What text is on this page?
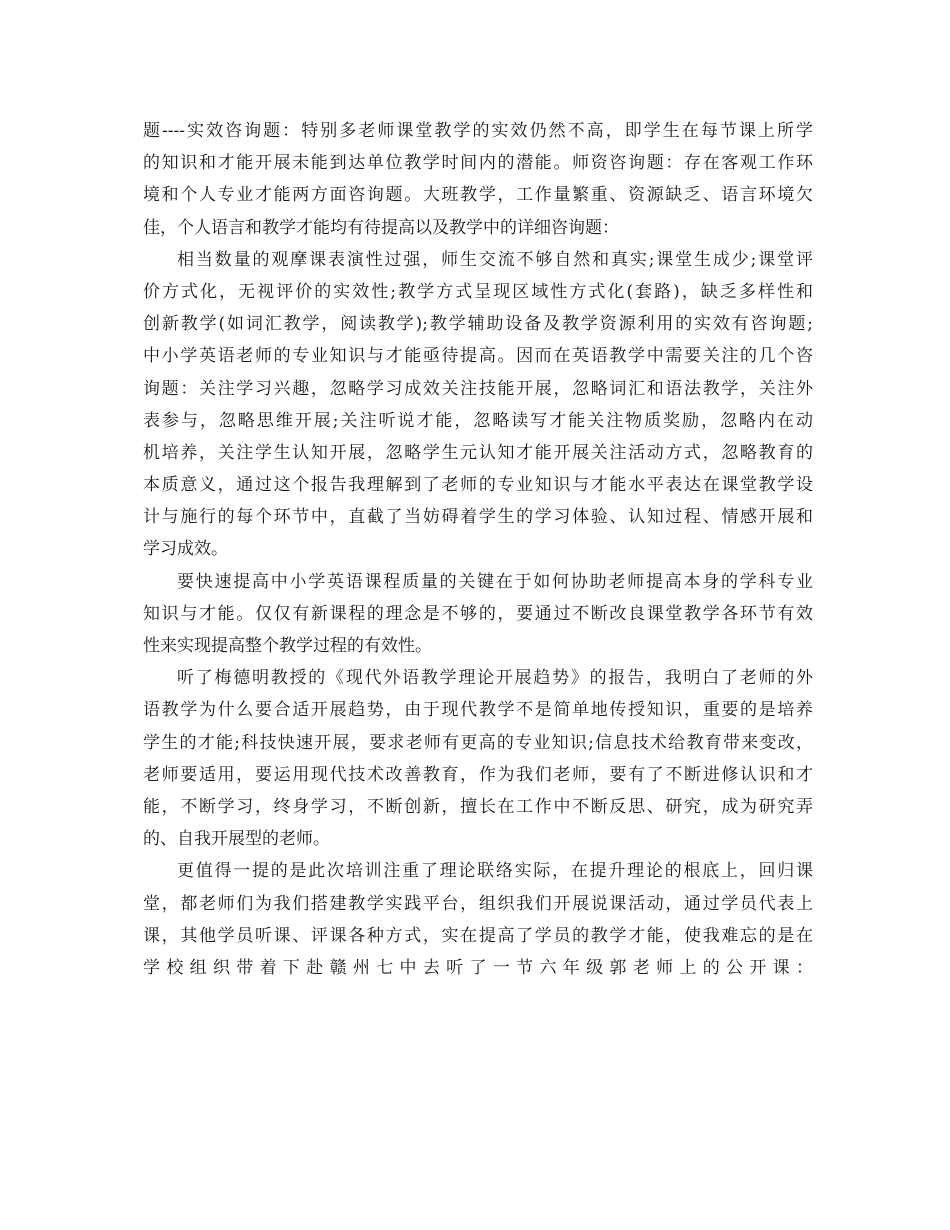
题----实效咨询题：特别多老师课堂教学的实效仍然不高，即学生在每节课上所学
的知识和才能开展未能到达单位教学时间内的潜能。师资咨询题：存在客观工作环
境和个人专业才能两方面咨询题。大班教学，工作量繁重、资源缺乏、语言环境欠
佳，个人语言和教学才能均有待提高以及教学中的详细咨询题：
相当数量的观摩课表演性过强，师生交流不够自然和真实;课堂生成少;课堂评
价方式化，无视评价的实效性;教学方式呈现区域性方式化(套路)，缺乏多样性和
创新教学(如词汇教学，阅读教学);教学辅助设备及教学资源利用的实效有咨询题;
中小学英语老师的专业知识与才能亟待提高。因而在英语教学中需要关注的几个咨
询题：关注学习兴趣，忽略学习成效关注技能开展，忽略词汇和语法教学，关注外
表参与，忽略思维开展;关注听说才能，忽略读写才能关注物质奖励，忽略内在动
机培养，关注学生认知开展，忽略学生元认知才能开展关注活动方式，忽略教育的
本质意义，通过这个报告我理解到了老师的专业知识与才能水平表达在课堂教学设
计与施行的每个环节中，直截了当妨碍着学生的学习体验、认知过程、情感开展和
学习成效。
要快速提高中小学英语课程质量的关键在于如何协助老师提高本身的学科专业
知识与才能。仅仅有新课程的理念是不够的，要通过不断改良课堂教学各环节有效
性来实现提高整个教学过程的有效性。
听了梅德明教授的《现代外语教学理论开展趋势》的报告，我明白了老师的外
语教学为什么要合适开展趋势，由于现代教学不是简单地传授知识，重要的是培养
学生的才能;科技快速开展，要求老师有更高的专业知识;信息技术给教育带来变改，
老师要适用，要运用现代技术改善教育，作为我们老师，要有了不断进修认识和才
能，不断学习，终身学习，不断创新，擅长在工作中不断反思、研究，成为研究弄
的、自我开展型的老师。
更值得一提的是此次培训注重了理论联络实际，在提升理论的根底上，回归课
堂，都老师们为我们搭建教学实践平台，组织我们开展说课活动，通过学员代表上
课，其他学员听课、评课各种方式，实在提高了学员的教学才能，使我难忘的是在
学校组织带着下赴赣州七中去听了一节六年级郭老师上的公开课：
